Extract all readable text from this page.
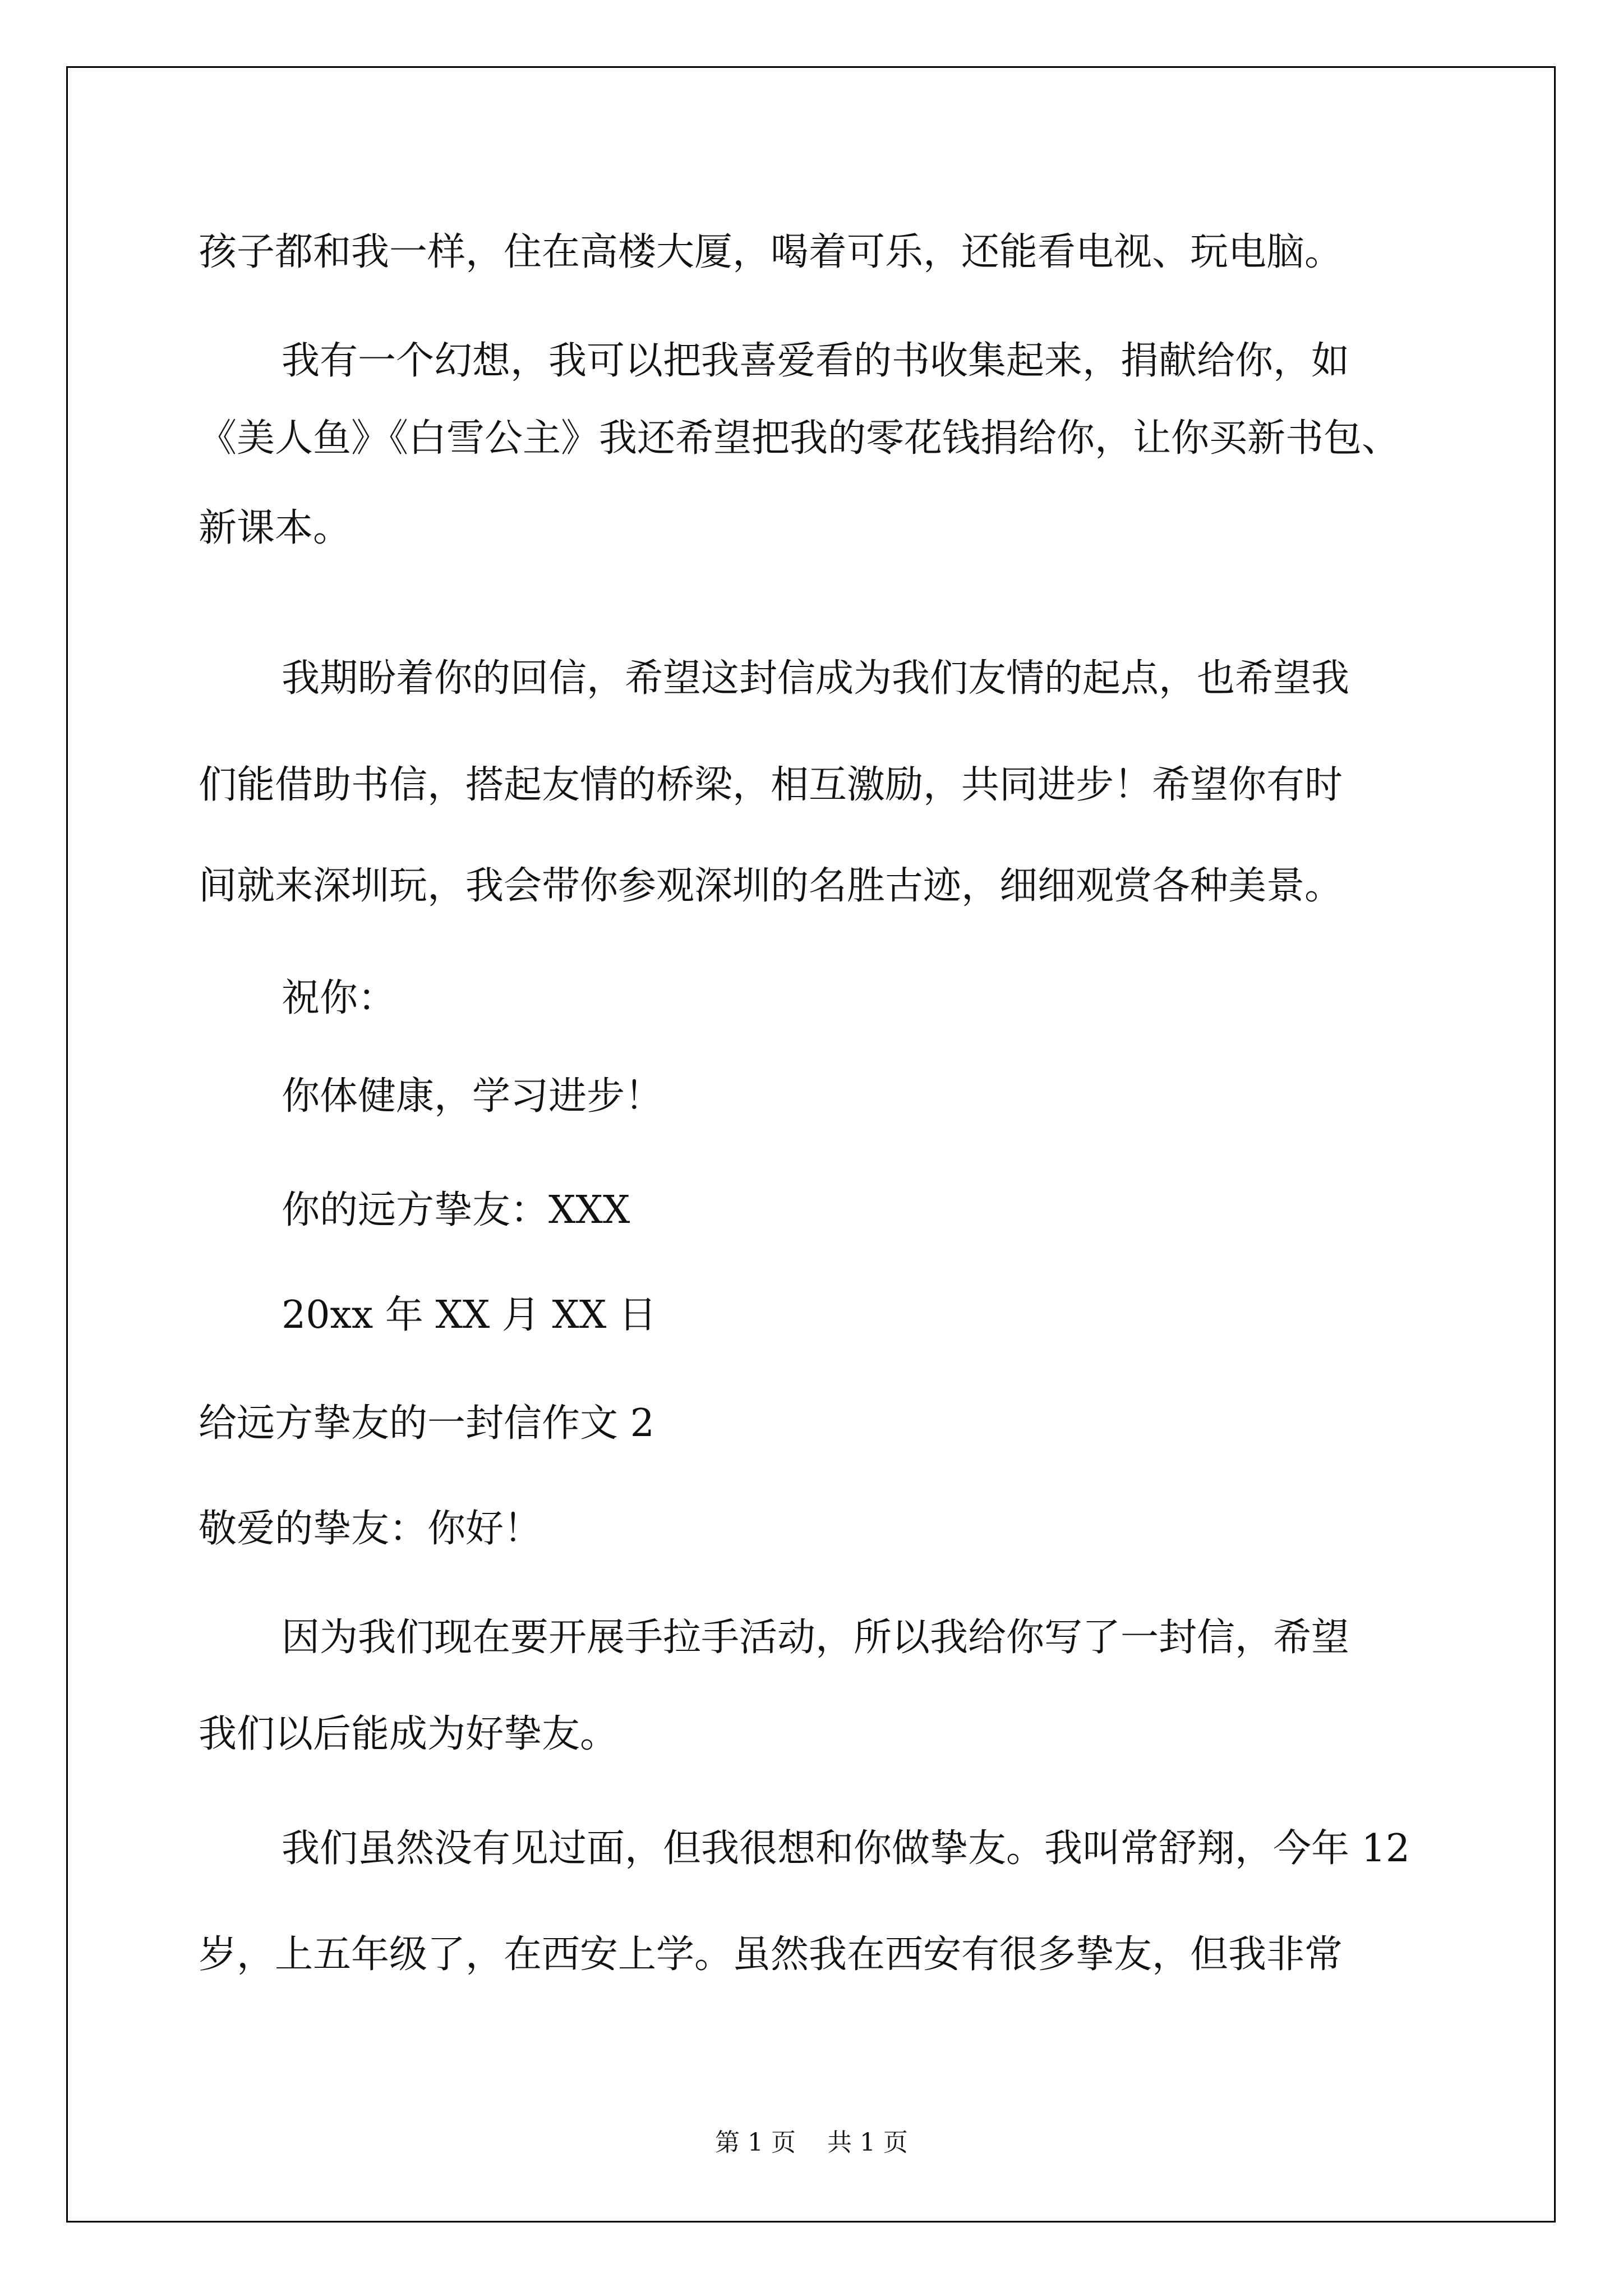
孩子都和我一样，住在高楼大厦，喝着可乐，还能看电视、玩电脑。

我有一个幻想，我可以把我喜爱看的书收集起来，捐献给你，如

《美人鱼》《白雪公主》我还希望把我的零花钱捐给你，让你买新书包、

新课本。

我期盼着你的回信，希望这封信成为我们友情的起点，也希望我

们能借助书信，搭起友情的桥梁，相互激励，共同进步！希望你有时

间就来深圳玩，我会带你参观深圳的名胜古迹，细细观赏各种美景。

祝你：

你体健康，学习进步！

你的远方挚友：XXX

20xx 年 XX 月 XX 日

给远方挚友的一封信作文 2

敬爱的挚友：你好！

因为我们现在要开展手拉手活动，所以我给你写了一封信，希望

我们以后能成为好挚友。

我们虽然没有见过面，但我很想和你做挚友。我叫常舒翔，今年 12

岁，上五年级了，在西安上学。虽然我在西安有很多挚友，但我非常

第 1 页    共 1 页
